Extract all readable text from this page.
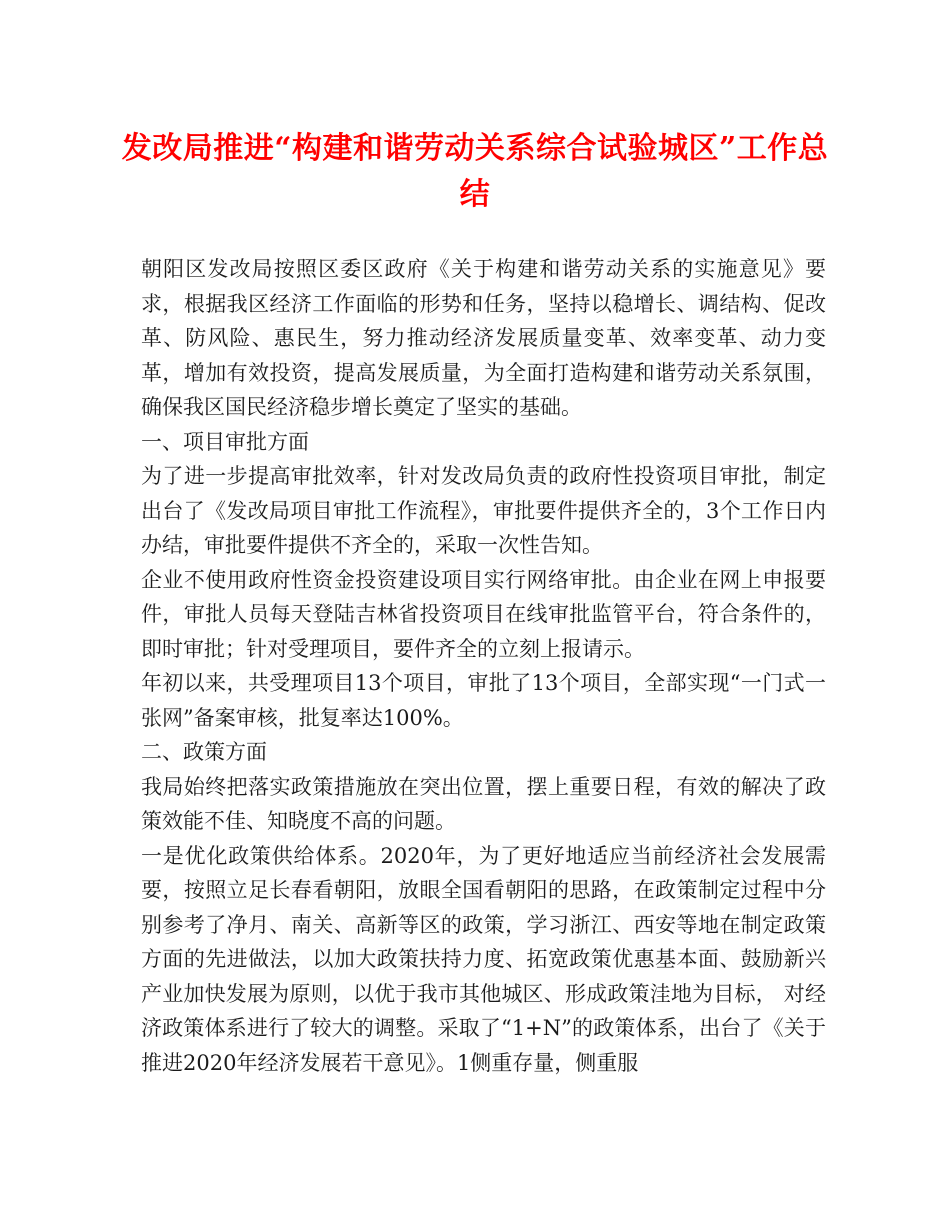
发改局推进“构建和谐劳动关系综合试验城区”工作总结

朝阳区发改局按照区委区政府《关于构建和谐劳动关系的实施意见》要求，根据我区经济工作面临的形势和任务，坚持以稳增长、调结构、促改革、防风险、惠民生，努力推动经济发展质量变革、效率变革、动力变革，增加有效投资，提高发展质量，为全面打造构建和谐劳动关系氛围，确保我区国民经济稳步增长奠定了坚实的基础。

一、项目审批方面

为了进一步提高审批效率，针对发改局负责的政府性投资项目审批，制定出台了《发改局项目审批工作流程》，审批要件提供齐全的，3个工作日内办结，审批要件提供不齐全的，采取一次性告知。

企业不使用政府性资金投资建设项目实行网络审批。由企业在网上申报要件，审批人员每天登陆吉林省投资项目在线审批监管平台，符合条件的，即时审批；针对受理项目，要件齐全的立刻上报请示。

年初以来，共受理项目13个项目，审批了13个项目，全部实现“一门式一张网”备案审核，批复率达100%。

二、政策方面

我局始终把落实政策措施放在突出位置，摆上重要日程，有效的解决了政策效能不佳、知晓度不高的问题。

一是优化政策供给体系。2020年，为了更好地适应当前经济社会发展需要，按照立足长春看朝阳，放眼全国看朝阳的思路，在政策制定过程中分别参考了净月、南关、高新等区的政策，学习浙江、西安等地在制定政策方面的先进做法，以加大政策扶持力度、拓宽政策优惠基本面、鼓励新兴产业加快发展为原则，以优于我市其他城区、形成政策洼地为目标， 对经济政策体系进行了较大的调整。采取了“1+N”的政策体系，出台了《关于推进2020年经济发展若干意见》。1侧重存量，侧重服
